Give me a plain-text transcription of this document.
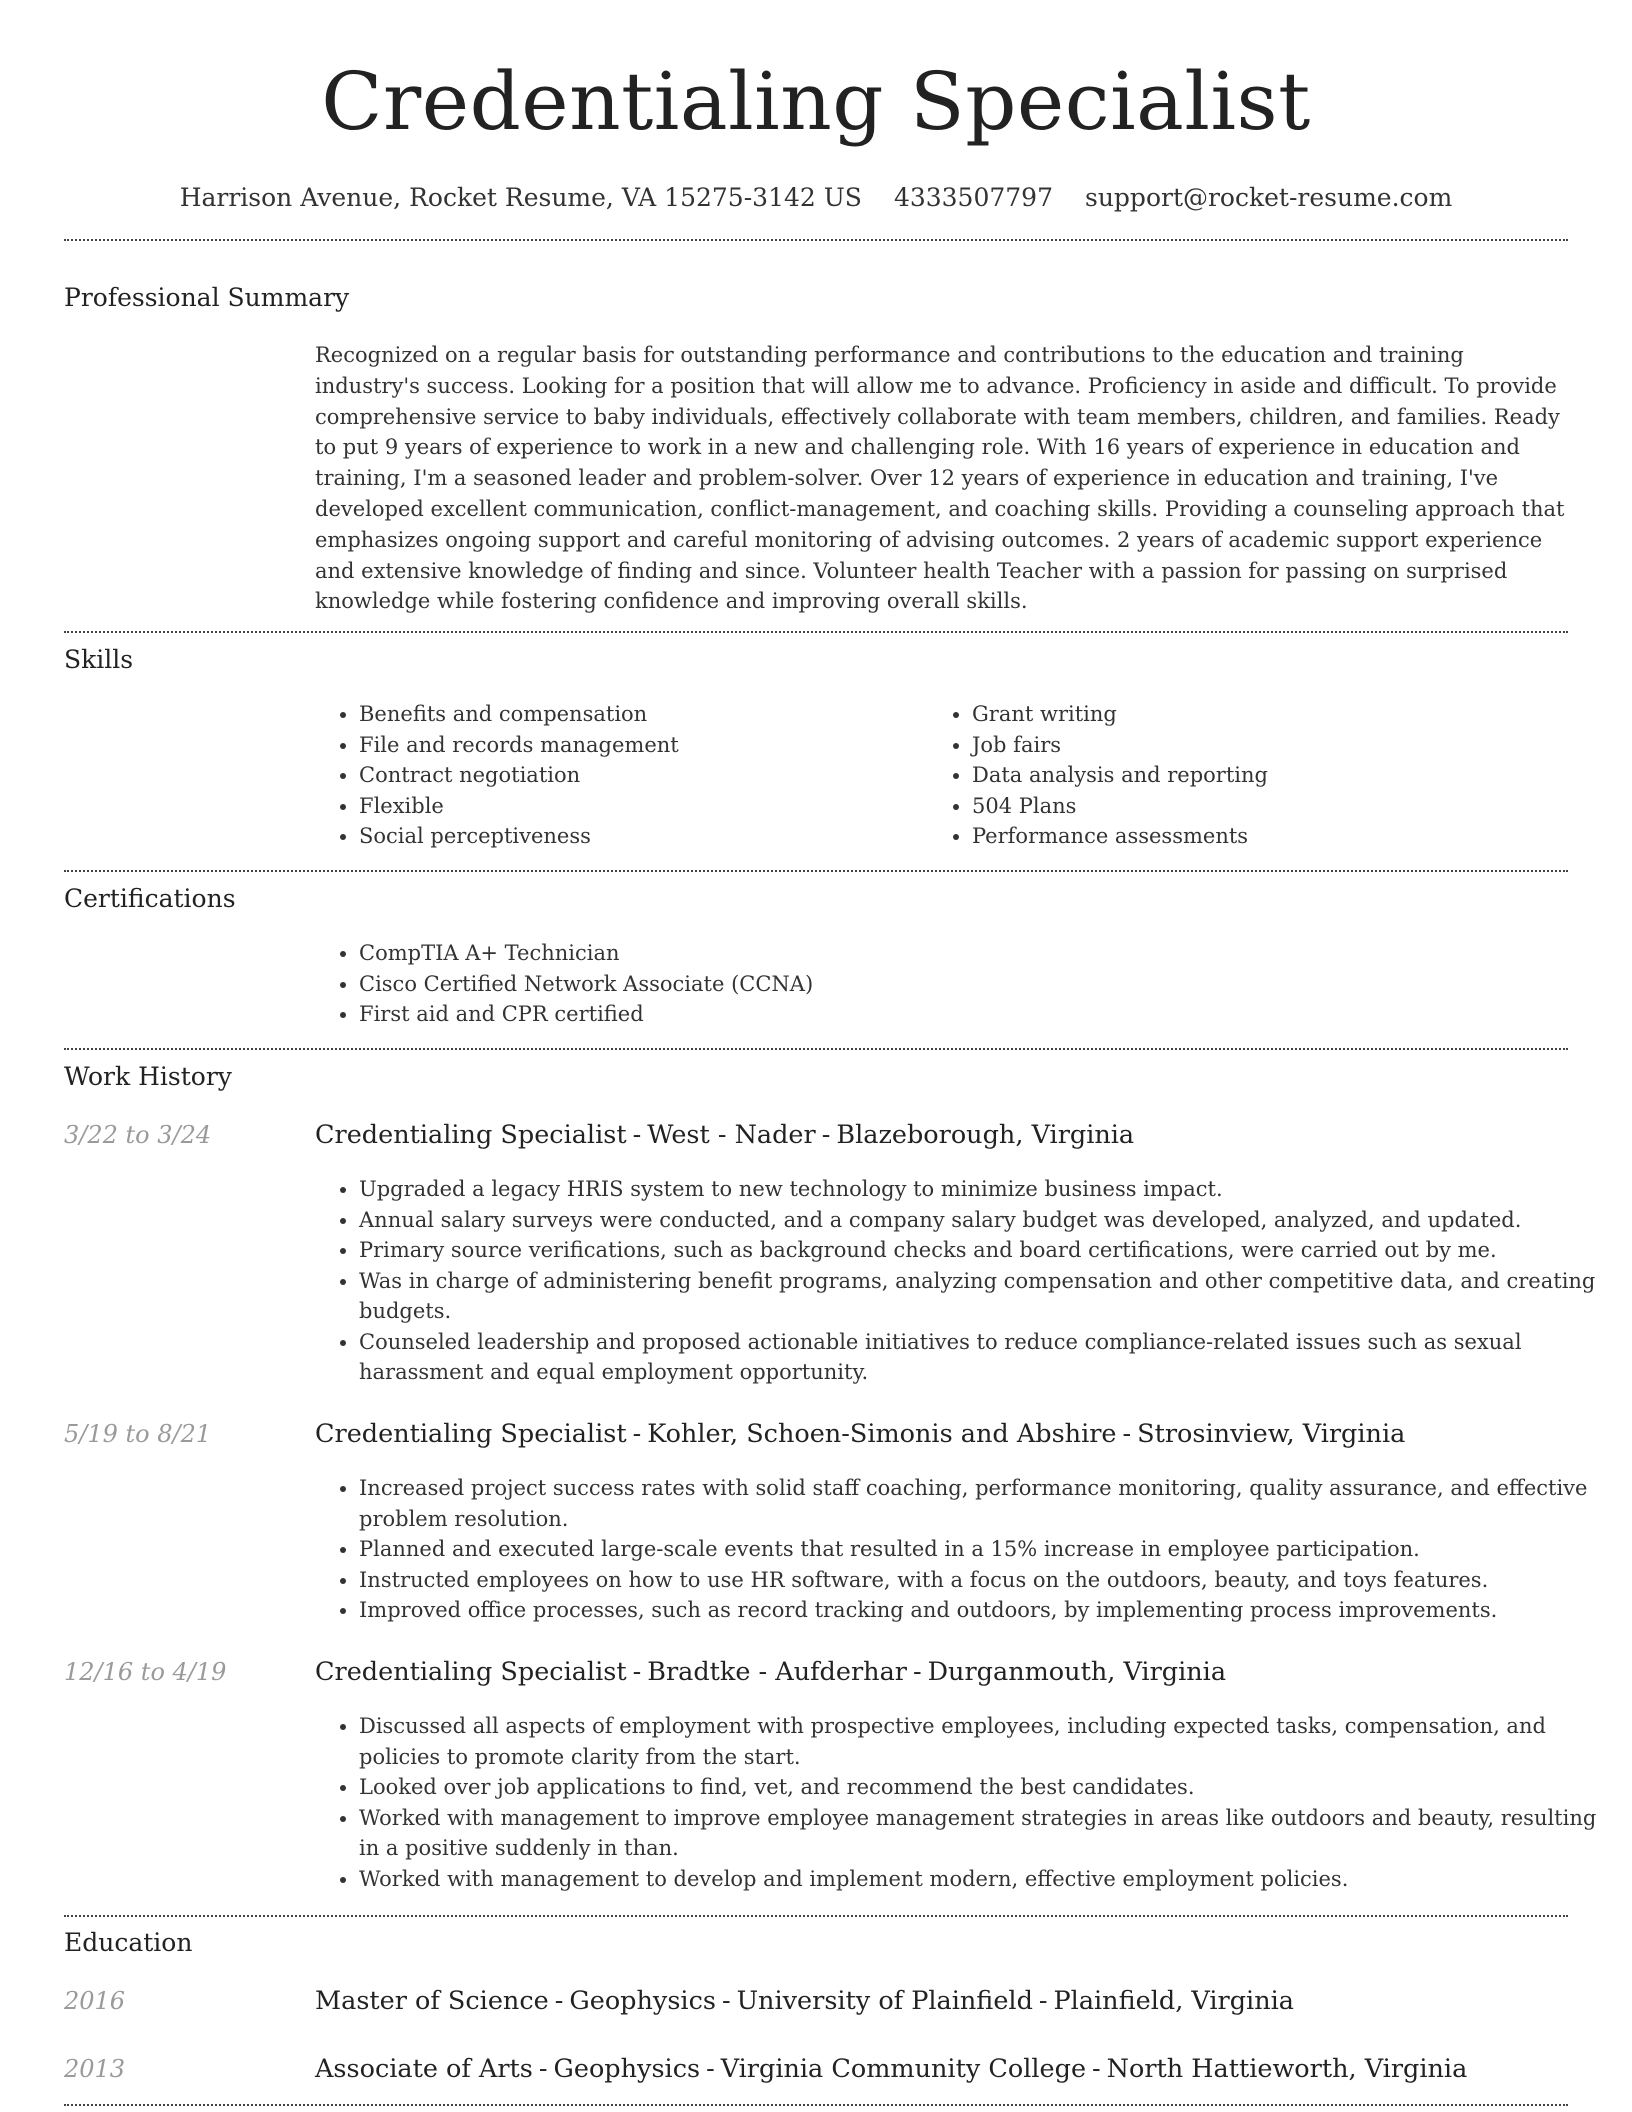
Credentialing Specialist
Harrison Avenue, Rocket Resume, VA 15275-3142 US 4333507797 support@rocket-resume.com
Professional Summary

Recognized on a regular basis for outstanding performance and contributions to the education and training industry's success. Looking for a position that will allow me to advance. Proficiency in aside and difficult. To provide comprehensive service to baby individuals, effectively collaborate with team members, children, and families. Ready to put 9 years of experience to work in a new and challenging role. With 16 years of experience in education and training, I'm a seasoned leader and problem-solver. Over 12 years of experience in education and training, I've developed excellent communication, conflict-management, and coaching skills. Providing a counseling approach that emphasizes ongoing support and careful monitoring of advising outcomes. 2 years of academic support experience and extensive knowledge of finding and since. Volunteer health Teacher with a passion for passing on surprised knowledge while fostering confidence and improving overall skills.

Skills
• Benefits and compensation
• File and records management
• Contract negotiation
• Flexible
• Social perceptiveness
• Grant writing
• Job fairs
• Data analysis and reporting
• 504 Plans
• Performance assessments
Certifications
• CompTIA A+ Technician
• Cisco Certified Network Associate (CCNA)
• First aid and CPR certified
Work History
3/22 to 3/24	Credentialing Specialist - West - Nader - Blazeborough, Virginia
• Upgraded a legacy HRIS system to new technology to minimize business impact.
• Annual salary surveys were conducted, and a company salary budget was developed, analyzed, and updated.
• Primary source verifications, such as background checks and board certifications, were carried out by me.
• Was in charge of administering benefit programs, analyzing compensation and other competitive data, and creating budgets.
• Counseled leadership and proposed actionable initiatives to reduce compliance-related issues such as sexual harassment and equal employment opportunity.
5/19 to 8/21	Credentialing Specialist - Kohler, Schoen-Simonis and Abshire - Strosinview, Virginia
• Increased project success rates with solid staff coaching, performance monitoring, quality assurance, and effective problem resolution.
• Planned and executed large-scale events that resulted in a 15% increase in employee participation.
• Instructed employees on how to use HR software, with a focus on the outdoors, beauty, and toys features.
• Improved office processes, such as record tracking and outdoors, by implementing process improvements.
12/16 to 4/19	Credentialing Specialist - Bradtke - Aufderhar - Durganmouth, Virginia
• Discussed all aspects of employment with prospective employees, including expected tasks, compensation, and policies to promote clarity from the start.
• Looked over job applications to find, vet, and recommend the best candidates.
• Worked with management to improve employee management strategies in areas like outdoors and beauty, resulting in a positive suddenly in than.
• Worked with management to develop and implement modern, effective employment policies.
Education
2016	Master of Science - Geophysics - University of Plainfield - Plainfield, Virginia
2013	Associate of Arts - Geophysics - Virginia Community College - North Hattieworth, Virginia
